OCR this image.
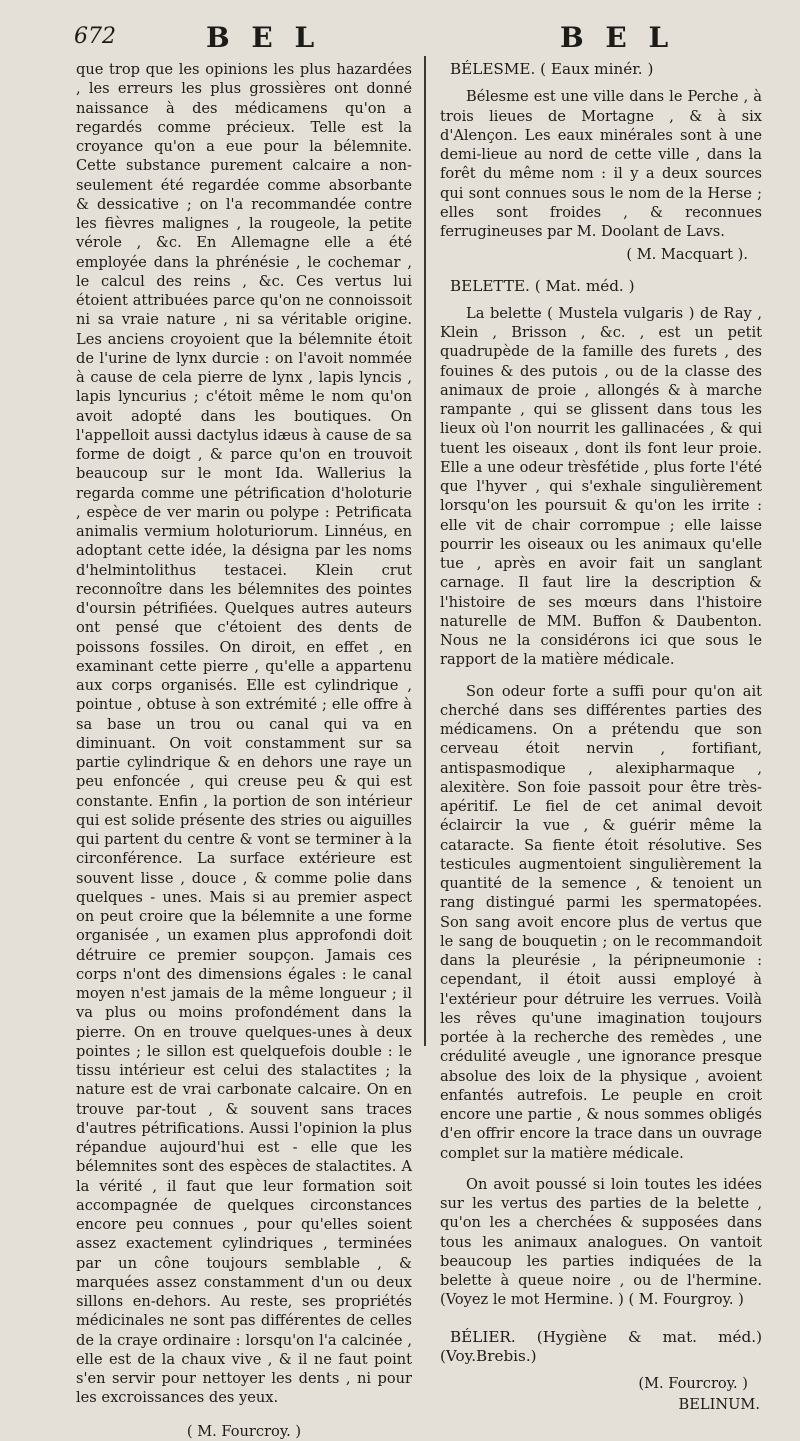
672	B E L	B E L

que trop que les opinions les plus hazardées , les erreurs les plus grossières ont donné naissance à des médicamens qu'on a regardés comme précieux. Telle est la croyance qu'on a eue pour la bélemnite. Cette substance purement calcaire a non-seulement été regardée comme absorbante & dessicative ; on l'a recommandée contre les fièvres malignes , la rougeole, la petite vérole , &c. En Allemagne elle a été employée dans la phrénésie , le cochemar , le calcul des reins , &c. Ces vertus lui étoient attribuées parce qu'on ne connoissoit ni sa vraie nature , ni sa véritable origine. Les anciens croyoient que la bélemnite étoit de l'urine de lynx durcie : on l'avoit nommée à cause de cela pierre de lynx , lapis lyncis , lapis lyncurius ; c'étoit même le nom qu'on avoit adopté dans les boutiques. On l'appelloit aussi dactylus idæus à cause de sa forme de doigt , & parce qu'on en trouvoit beaucoup sur le mont Ida. Wallerius la regarda comme une pétrification d'holoturie , espèce de ver marin ou polype : Petrificata animalis vermium holoturiorum. Linnéus, en adoptant cette idée, la désigna par les noms d'helmintolithus testacei. Klein crut reconnoître dans les bélemnites des pointes d'oursin pétrifiées. Quelques autres auteurs ont pensé que c'étoient des dents de poissons fossiles. On diroit, en effet , en examinant cette pierre , qu'elle a appartenu aux corps organisés. Elle est cylindrique , pointue , obtuse à son extrémité ; elle offre à sa base un trou ou canal qui va en diminuant. On voit constamment sur sa partie cylindrique & en dehors une raye un peu enfoncée , qui creuse peu & qui est constante. Enfin , la portion de son intérieur qui est solide présente des stries ou aiguilles qui partent du centre & vont se terminer à la circonférence. La surface extérieure est souvent lisse , douce , & comme polie dans quelques - unes. Mais si au premier aspect on peut croire que la bélemnite a une forme organisée , un examen plus approfondi doit détruire ce premier soupçon. Jamais ces corps n'ont des dimensions égales : le canal moyen n'est jamais de la même longueur ; il va plus ou moins profondément dans la pierre. On en trouve quelques-unes à deux pointes ; le sillon est quelquefois double : le tissu intérieur est celui des stalactites ; la nature est de vrai carbonate calcaire. On en trouve par-tout , & souvent sans traces d'autres pétrifications. Aussi l'opinion la plus répandue aujourd'hui est - elle que les bélemnites sont des espèces de stalactites. A la vérité , il faut que leur formation soit accompagnée de quelques circonstances encore peu connues , pour qu'elles soient assez exactement cylindriques , terminées par un cône toujours semblable , & marquées assez constamment d'un ou deux sillons en-dehors. Au reste, ses propriétés médicinales ne sont pas différentes de celles de la craye ordinaire : lorsqu'on l'a calcinée , elle est de la chaux vive , & il ne faut point s'en servir pour nettoyer les dents , ni pour les excroissances des yeux.

( M. Fourcroy. )

BÉLESME. ( Eaux minér. )

Bélesme est une ville dans le Perche , à trois lieues de Mortagne , & à six d'Alençon. Les eaux minérales sont à une demi-lieue au nord de cette ville , dans la forêt du même nom : il y a deux sources qui sont connues sous le nom de la Herse ; elles sont froides , & reconnues ferrugineuses par M. Doolant de Lavs.

( M. Macquart ).

BELETTE. ( Mat. méd. )

La belette ( Mustela vulgaris ) de Ray , Klein , Brisson , &c. , est un petit quadrupède de la famille des furets , des fouines & des putois , ou de la classe des animaux de proie , allongés & à marche rampante , qui se glissent dans tous les lieux où l'on nourrit les gallinacées , & qui tuent les oiseaux , dont ils font leur proie. Elle a une odeur trèsfétide , plus forte l'été que l'hyver , qui s'exhale singulièrement lorsqu'on les poursuit & qu'on les irrite : elle vit de chair corrompue ; elle laisse pourrir les oiseaux ou les animaux qu'elle tue , après en avoir fait un sanglant carnage. Il faut lire la description & l'histoire de ses mœurs dans l'histoire naturelle de MM. Buffon & Daubenton. Nous ne la considérons ici que sous le rapport de la matière médicale.

Son odeur forte a suffi pour qu'on ait cherché dans ses différentes parties des médicamens. On a prétendu que son cerveau étoit nervin , fortifiant, antispasmodique , alexipharmaque , alexitère. Son foie passoit pour être très-apéritif. Le fiel de cet animal devoit éclaircir la vue , & guérir même la cataracte. Sa fiente étoit résolutive. Ses testicules augmentoient singulièrement la quantité de la semence , & tenoient un rang distingué parmi les spermatopées. Son sang avoit encore plus de vertus que le sang de bouquetin ; on le recommandoit dans la pleurésie , la péripneumonie : cependant, il étoit aussi employé à l'extérieur pour détruire les verrues. Voilà les rêves qu'une imagination toujours portée à la recherche des remèdes , une crédulité aveugle , une ignorance presque absolue des loix de la physique , avoient enfantés autrefois. Le peuple en croit encore une partie , & nous sommes obligés d'en offrir encore la trace dans un ouvrage complet sur la matière médicale.

On avoit poussé si loin toutes les idées sur les vertus des parties de la belette , qu'on les a cherchées & supposées dans tous les animaux analogues. On vantoit beaucoup les parties indiquées de la belette à queue noire , ou de l'hermine. (Voyez le mot Hermine. ) ( M. Fourgroy. )

BÉLIER. (Hygiène & mat. méd.) (Voy.Brebis.)

(M. Fourcroy. )

BELINUM.
